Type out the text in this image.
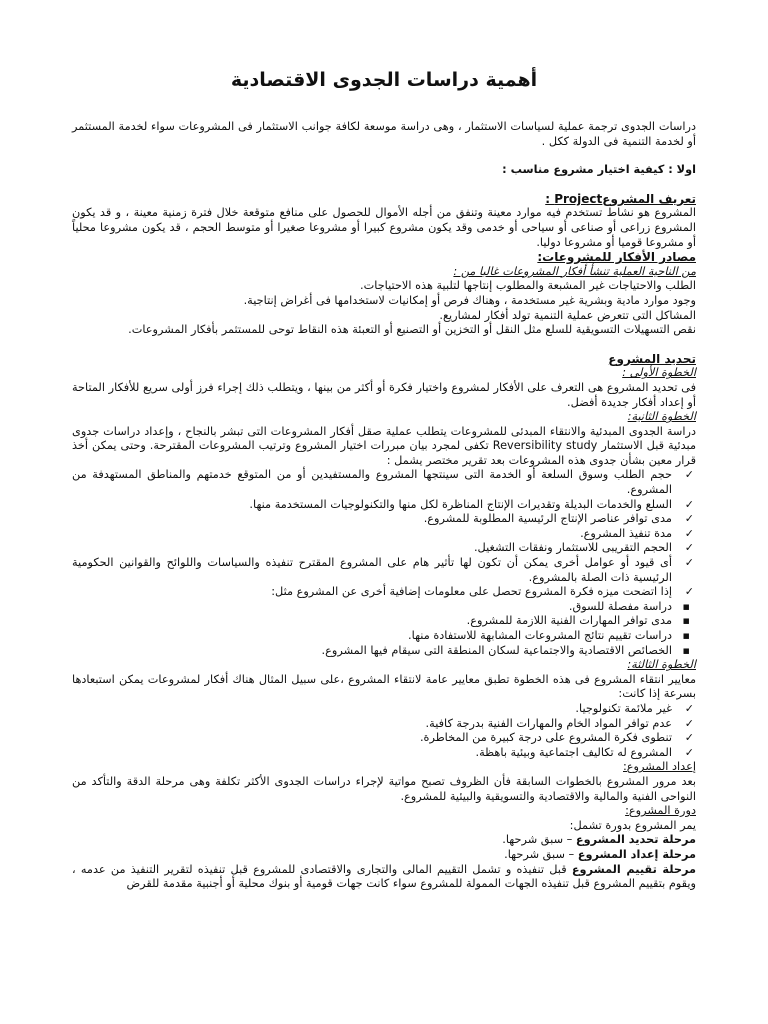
أهمية دراسات الجدوى الاقتصادية

دراسات الجدوى ترجمة عملية لسياسات الاستثمار ، وهى دراسة موسعة لكافة جوانب الاستثمار فى المشروعات سواء لخدمة المستثمر أو لخدمة التنمية فى الدولة ككل .

اولا : كيفية اختيار مشروع مناسب :

تعريف المشروعProject :

المشروع هو نشاط تستخدم فيه موارد معينة وتنفق من أجله الأموال للحصول على منافع متوقعة خلال فترة زمنية معينة ، و قد يكون المشروع زراعى أو صناعى أو سياحى أو خدمى وقد يكون مشروع كبيرا أو مشروعا صغيرا أو متوسط الحجم ، قد يكون مشروعا محلياً أو مشروعا قوميا أو مشروعا دوليا.

مصادر الأفكار للمشروعات:

من الناحية العملية تنشأ أفكار المشروعات غالبا من :

الطلب والاحتياجات غير المشبعة والمطلوب إنتاجها لتلبية هذه الاحتياجات.

وجود موارد مادية وبشرية غير مستخدمة ، وهناك فرص أو إمكانيات لاستخدامها فى أغراض إنتاجية.

المشاكل التى تتعرض عملية التنمية تولد أفكار لمشاريع.

نقص التسهيلات التسويقية للسلع مثل النقل أو التخزين أو التصنيع أو التعبئة هذه النقاط توحى للمستثمر بأفكار المشروعات.

تحديد المشروع

الخطوة الأولى :

فى تحديد المشروع هى التعرف على الأفكار لمشروع واختيار فكرة أو أكثر من بينها ، ويتطلب ذلك إجراء فرز أولى سريع للأفكار المتاحة أو إعداد أفكار جديدة أفضل.

الخطوة الثانية:

دراسة الجدوى المبدئية والانتقاء المبدئى للمشروعات يتطلب عملية صقل أفكار المشروعات التى تبشر بالنجاح ، وإعداد دراسات جدوى مبدئية قبل الاستثمار Reversibility study تكفى لمجرد بيان مبررات اختيار المشروع وترتيب المشروعات المقترحة. وحتى يمكن أخذ قرار معين بشأن جدوى هذه المشروعات بعد تقرير مختصر يشمل :

✓ حجم الطلب وسوق السلعة أو الخدمة التى سينتجها المشروع والمستفيدين أو من المتوقع خدمتهم والمناطق المستهدفة من المشروع.
✓ السلع والخدمات البديلة وتقديرات الإنتاج المناظرة لكل منها والتكنولوجيات المستخدمة منها.
✓ مدى توافر عناصر الإنتاج الرئيسية المطلوبة للمشروع.
✓ مدة تنفيذ المشروع.
✓ الحجم التقريبى للاستثمار ونفقات التشغيل.
✓ أى قيود أو عوامل أخرى يمكن أن تكون لها تأثير هام على المشروع المقترح تنفيذه والسياسات واللوائح والقوانين الحكومية الرئيسية ذات الصلة بالمشروع.
✓ إذا اتضحت ميزه فكرة المشروع تحصل على معلومات إضافية أخرى عن المشروع مثل:
▪ دراسة مفصلة للسوق.
▪ مدى توافر المهارات الفنية اللازمة للمشروع.
▪ دراسات تقييم نتائج المشروعات المشابهة للاستفادة منها.
▪ الخصائص الاقتصادية والاجتماعية لسكان المنطقة التى سيقام فيها المشروع.

الخطوة الثالثة:

معايير انتقاء المشروع فى هذه الخطوة تطبق معايير عامة لانتقاء المشروع ،على سبيل المثال هناك أفكار لمشروعات يمكن استبعادها بسرعة إذا كانت:

✓ غير ملائمة تكنولوجيا.
✓ عدم توافر المواد الخام والمهارات الفنية بدرجة كافية.
✓ تنطوى فكرة المشروع على درجة كبيرة من المخاطرة.
✓ المشروع له تكاليف اجتماعية وبيئية باهظة.

إعداد المشروع:

بعد مرور المشروع بالخطوات السابقة فأن الظروف تصبح مواتية لإجراء دراسات الجدوى الأكثر تكلفة وهى مرحلة الدقة والتأكد من النواحى الفنية والمالية والاقتصادية والتسويقية والبيئية للمشروع.

دورة المشروع:

يمر المشروع بدورة تشمل:

مرحلة تحديد المشروع – سبق شرحها.

مرحلة إعداد المشروع – سبق شرحها.

مرحلة تقييم المشروع قبل تنفيذه و تشمل التقييم المالى والتجارى والاقتصادى للمشروع قبل تنفيذه لتقرير التنفيذ من عدمه ، ويقوم بتقييم المشروع قبل تنفيذه الجهات الممولة للمشروع سواء كانت جهات قومية أو بنوك محلية أو أجنبية مقدمة للقرض
